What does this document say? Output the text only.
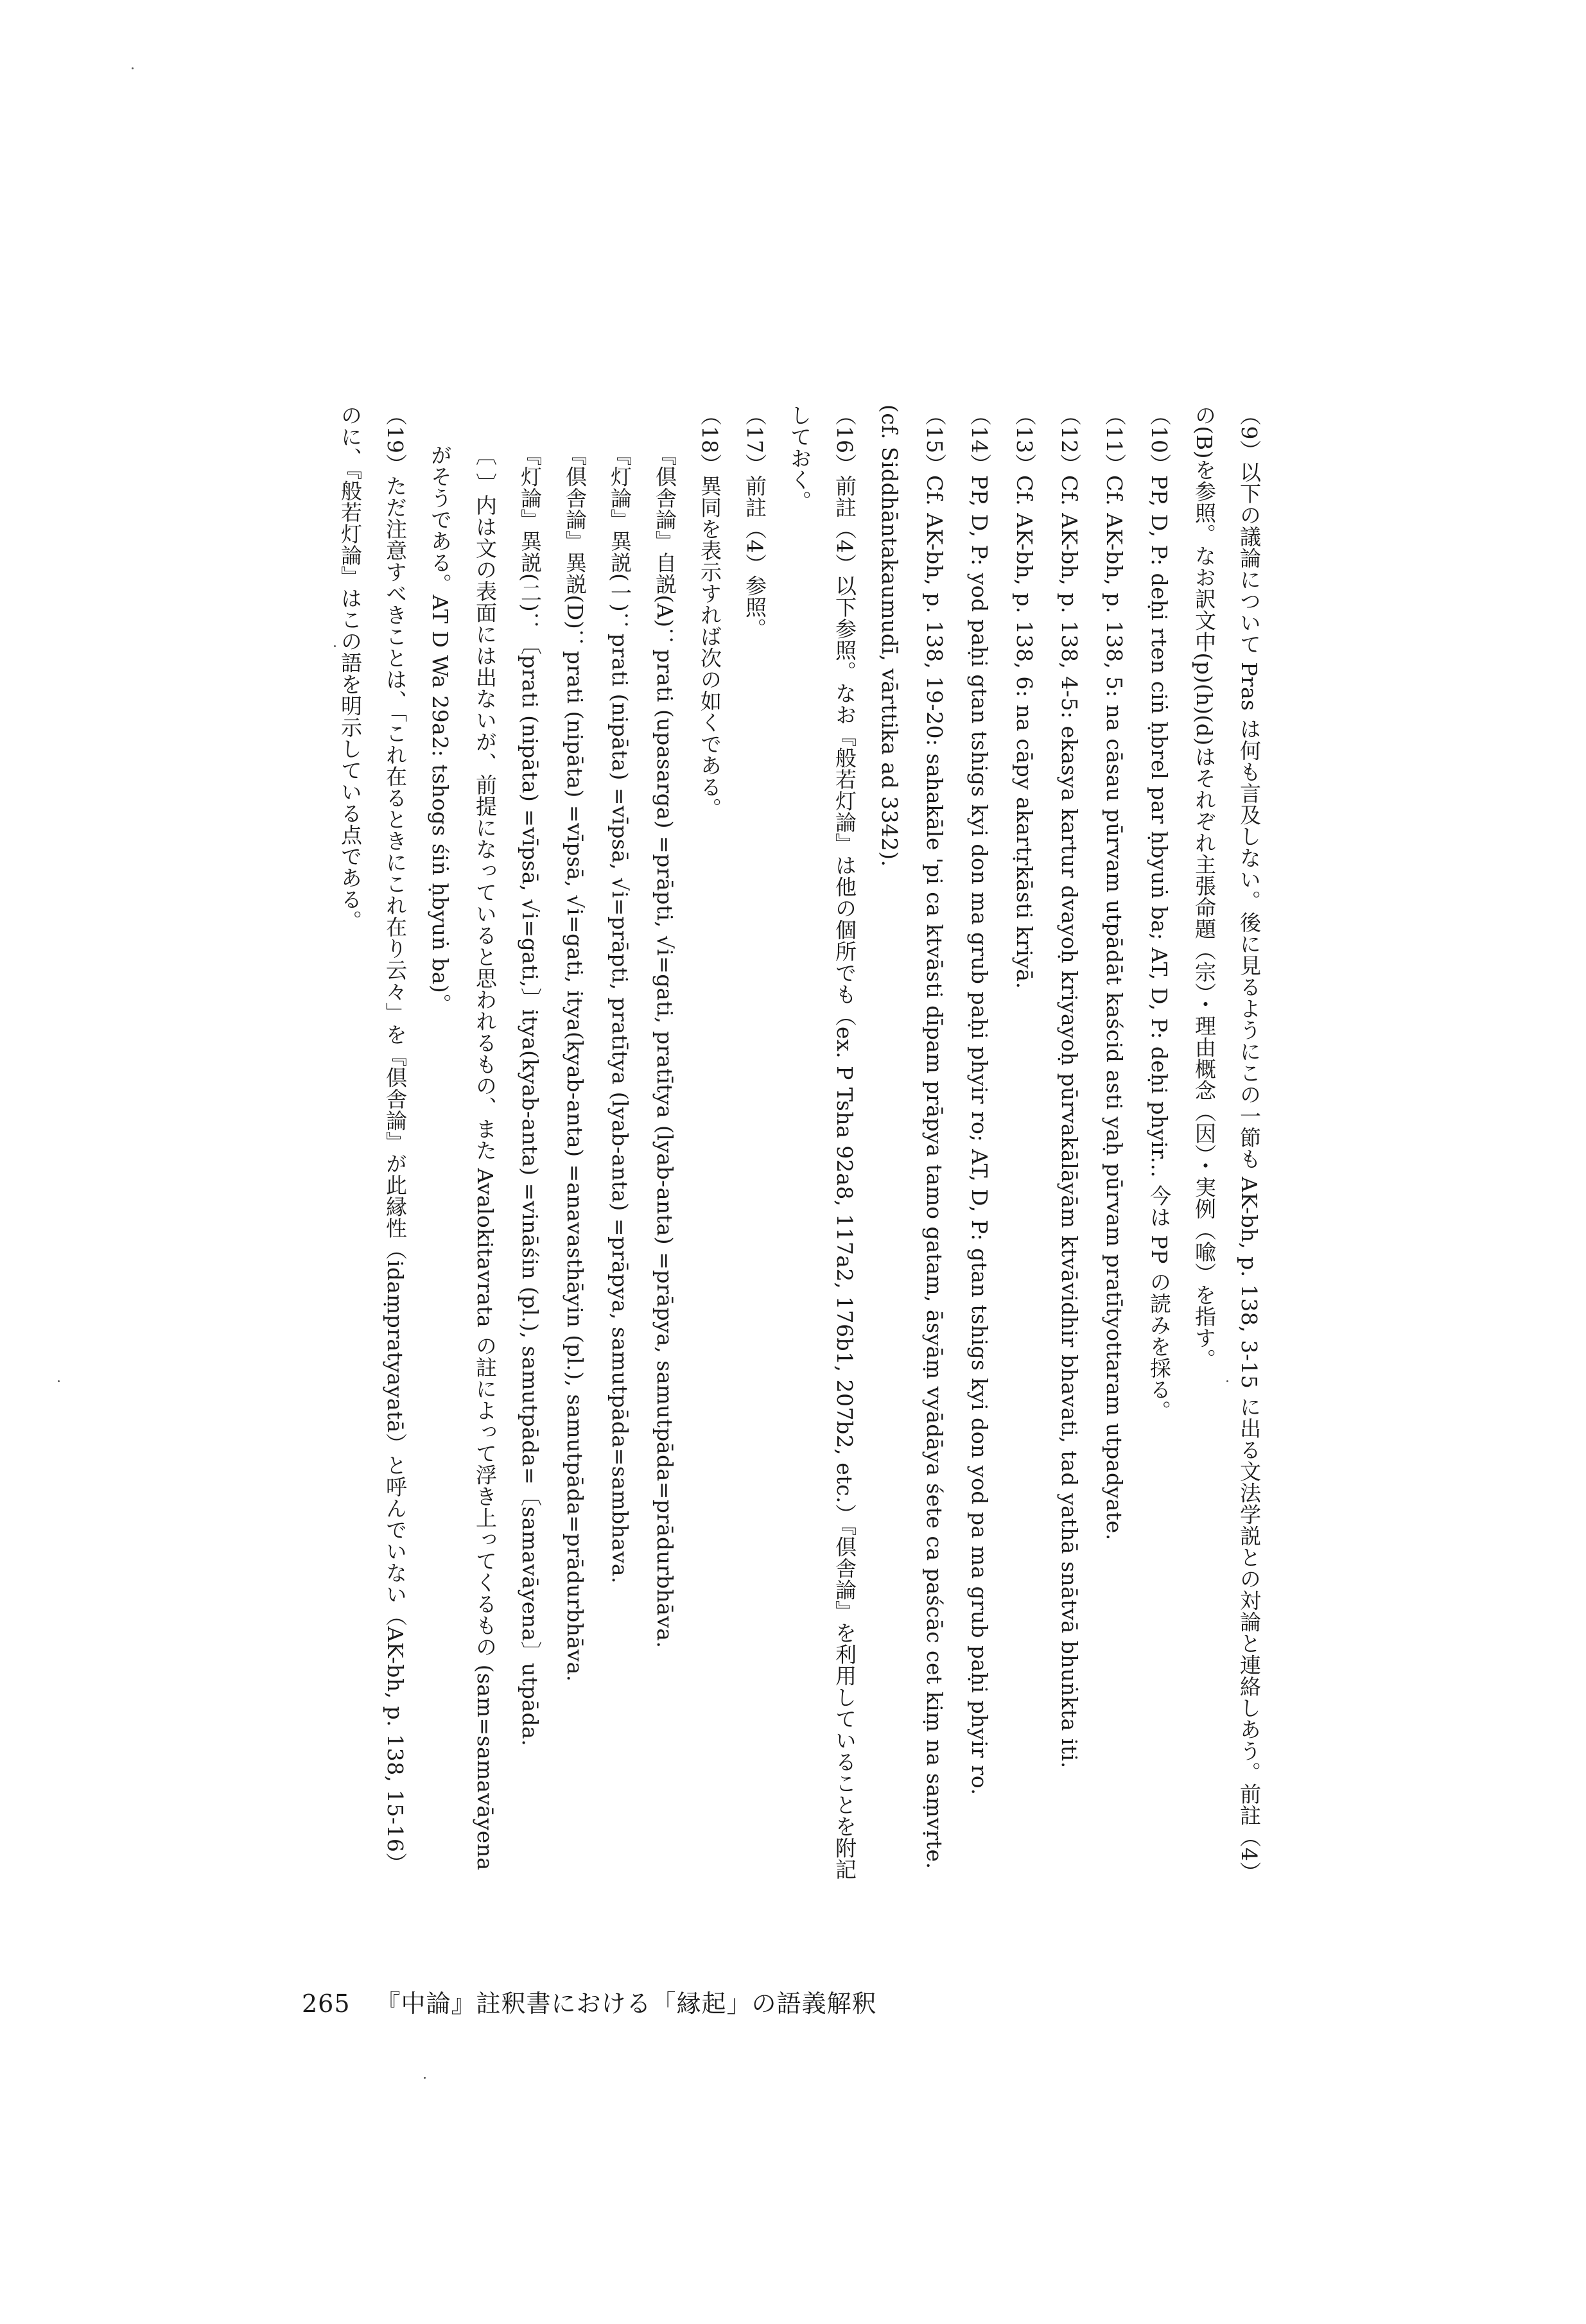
（9）以下の議論について Pras は何も言及しない。後に見るようにこの一節も AK-bh, p. 138, 3-15 に出る文法学説との対論と連絡しあう。前註（4）の(B)を参照。なお訳文中(p)(h)(d)はそれぞれ主張命題（宗）・理由概念（因）・実例（喩）を指す。

（10）PP, D, P: deḥi rten ciṅ ḥbrel par ḥbyuṅ ba; AT, D, P: deḥi phyir... 今は PP の読みを採る。

（11）Cf. AK-bh, p. 138, 5: na cāsau pūrvam utpādāt kaścid asti yaḥ pūrvam pratītyottaram utpadyate.

（12）Cf. AK-bh, p. 138, 4-5: ekasya kartur dvayoḥ kriyayoḥ pūrvakālāyām ktvāvidhir bhavati, tad yathā snātvā bhuṅkta iti.

（13）Cf. AK-bh, p. 138, 6: na cāpy akartṛkāsti kriyā.

（14）PP, D, P: yod paḥi gtan tshigs kyi don ma grub paḥi phyir ro; AT, D, P: gtan tshigs kyi don yod pa ma grub paḥi phyir ro.

（15）Cf. AK-bh, p. 138, 19-20: sahakāle 'pi ca ktvāsti dīpam prāpya tamo gatam, āsyāṃ vyādāya śete ca paścāc cet kiṃ na saṃvṛte. (cf. Siddhāntakaumudī, vārttika ad 3342).

（16）前註（4）以下参照。なお『般若灯論』は他の個所でも（ex. P Tsha 92a8, 117a2, 176b1, 207b2, etc.）『倶舎論』を利用していることを附記しておく。

（17）前註（4）参照。

（18）異同を表示すれば次の如くである。

『倶舎論』自説(A)：prati (upasarga) =prāpti, √i=gati, pratītya (lyab-anta) =prāpya, samutpāda=prādurbhāva.

『灯論』異説(一)：prati (nipāta) =vīpsā, √i=prāpti, pratītya (lyab-anta) =prāpya, samutpāda=sambhava.

『倶舎論』異説(D)：prati (nipāta) =vīpsā, √i=gati, itya(kyab-anta) =anavasthāyin (pl.), samutpāda=prādurbhāva.

『灯論』異説(二)：〔prati (nipāta) =vīpsā, √i=gati,〕itya(kyab-anta) =vināśin (pl.), samutpāda=〔samavāyena〕utpāda.

〔 〕内は文の表面には出ないが、前提になっていると思われるもの、また Avalokitavrata の註によって浮き上ってくるもの (sam=samavāyena がそうである。AT D Wa 29a2: tshogs śiṅ ḥbyuṅ ba)。

（19）ただ注意すべきことは、「これ在るときにこれ在り云々」を『倶舎論』が此縁性（idaṃpratyayatā）と呼んでいない（AK-bh, p. 138, 15-16）のに、『般若灯論』はこの語を明示している点である。

265 『中論』註釈書における「縁起」の語義解釈
